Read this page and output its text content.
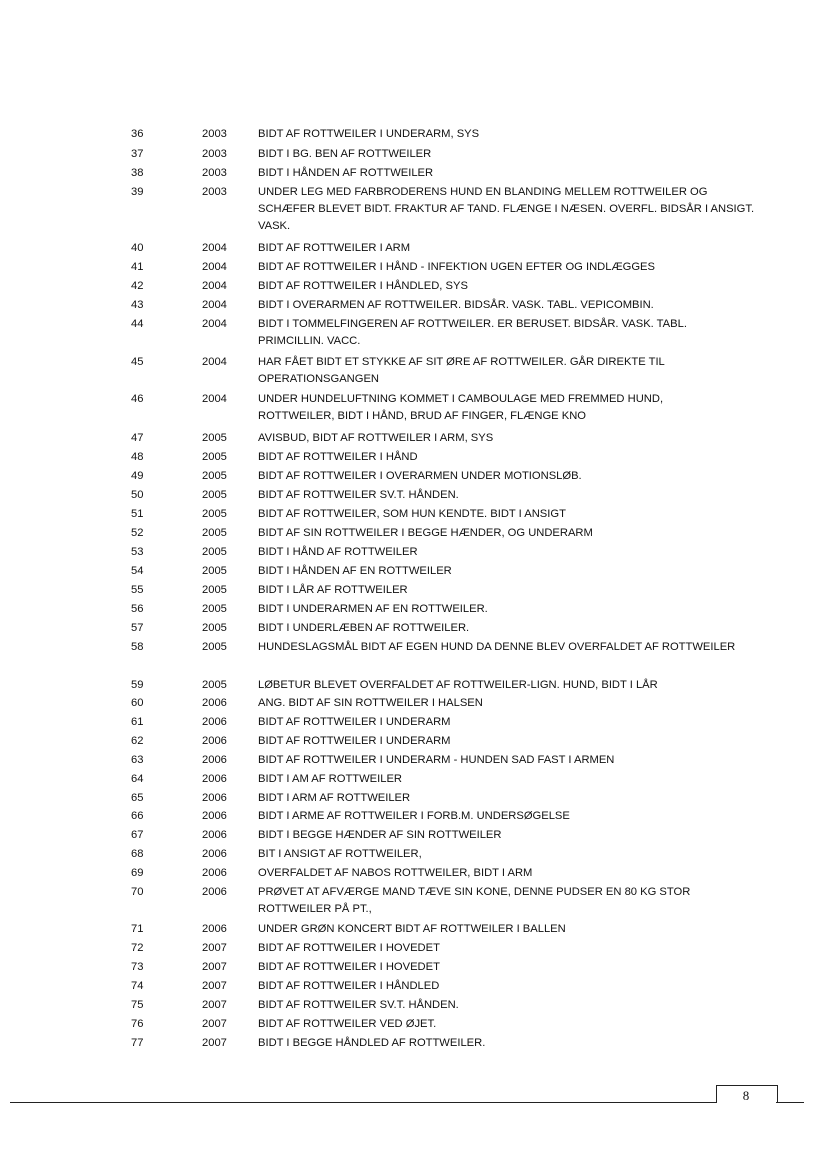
36	2003	BIDT AF ROTTWEILER I UNDERARM, SYS
37	2003	BIDT I BG. BEN AF ROTTWEILER
38	2003	BIDT I HÅNDEN AF ROTTWEILER
39	2003	UNDER LEG MED FARBRODERENS HUND EN BLANDING MELLEM ROTTWEILER OG
SCHÆFER BLEVET BIDT. FRAKTUR AF TAND. FLÆNGE I NÆSEN. OVERFL. BIDSÅR I ANSIGT.
VASK.
40	2004	BIDT AF ROTTWEILER I ARM
41	2004	BIDT AF ROTTWEILER I HÅND - INFEKTION UGEN EFTER OG INDLÆGGES
42	2004	BIDT AF ROTTWEILER I HÅNDLED, SYS
43	2004	BIDT I OVERARMEN AF ROTTWEILER. BIDSÅR. VASK. TABL. VEPICOMBIN.
44	2004	BIDT I TOMMELFINGEREN AF ROTTWEILER. ER BERUSET. BIDSÅR. VASK. TABL.
PRIMCILLIN. VACC.
45	2004	HAR FÅET BIDT ET STYKKE AF SIT ØRE AF ROTTWEILER. GÅR DIREKTE TIL
OPERATIONSGANGEN
46	2004	UNDER HUNDELUFTNING KOMMET I CAMBOULAGE MED FREMMED HUND,
ROTTWEILER, BIDT I HÅND, BRUD AF FINGER, FLÆNGE KNO
47	2005	AVISBUD, BIDT AF ROTTWEILER I ARM, SYS
48	2005	BIDT AF ROTTWEILER I HÅND
49	2005	BIDT AF ROTTWEILER I OVERARMEN UNDER MOTIONSLØB.
50	2005	BIDT AF ROTTWEILER SV.T. HÅNDEN.
51	2005	BIDT AF ROTTWEILER, SOM HUN KENDTE. BIDT I ANSIGT
52	2005	BIDT AF SIN ROTTWEILER I BEGGE HÆNDER, OG UNDERARM
53	2005	BIDT I HÅND AF ROTTWEILER
54	2005	BIDT I HÅNDEN AF EN ROTTWEILER
55	2005	BIDT I LÅR AF ROTTWEILER
56	2005	BIDT I UNDERARMEN AF EN ROTTWEILER.
57	2005	BIDT I UNDERLÆBEN AF ROTTWEILER.
58	2005	HUNDESLAGSMÅL BIDT AF EGEN HUND DA DENNE BLEV OVERFALDET AF ROTTWEILER
59	2005	LØBETUR BLEVET OVERFALDET AF ROTTWEILER-LIGN. HUND, BIDT I LÅR
60	2006	ANG. BIDT AF SIN ROTTWEILER I HALSEN
61	2006	BIDT AF ROTTWEILER I UNDERARM
62	2006	BIDT AF ROTTWEILER I UNDERARM
63	2006	BIDT AF ROTTWEILER I UNDERARM - HUNDEN SAD FAST I ARMEN
64	2006	BIDT I AM AF ROTTWEILER
65	2006	BIDT I ARM AF ROTTWEILER
66	2006	BIDT I ARME AF ROTTWEILER I FORB.M. UNDERSØGELSE
67	2006	BIDT I BEGGE HÆNDER AF SIN ROTTWEILER
68	2006	BIT I ANSIGT AF ROTTWEILER,
69	2006	OVERFALDET AF NABOS ROTTWEILER, BIDT I ARM
70	2006	PRØVET AT AFVÆRGE MAND TÆVE SIN KONE, DENNE PUDSER EN 80 KG STOR
ROTTWEILER PÅ PT.,
71	2006	UNDER GRØN KONCERT BIDT AF ROTTWEILER I BALLEN
72	2007	BIDT AF ROTTWEILER I HOVEDET
73	2007	BIDT AF ROTTWEILER I HOVEDET
74	2007	BIDT AF ROTTWEILER I HÅNDLED
75	2007	BIDT AF ROTTWEILER SV.T. HÅNDEN.
76	2007	BIDT AF ROTTWEILER VED ØJET.
77	2007	BIDT I BEGGE HÅNDLED AF ROTTWEILER.
8
